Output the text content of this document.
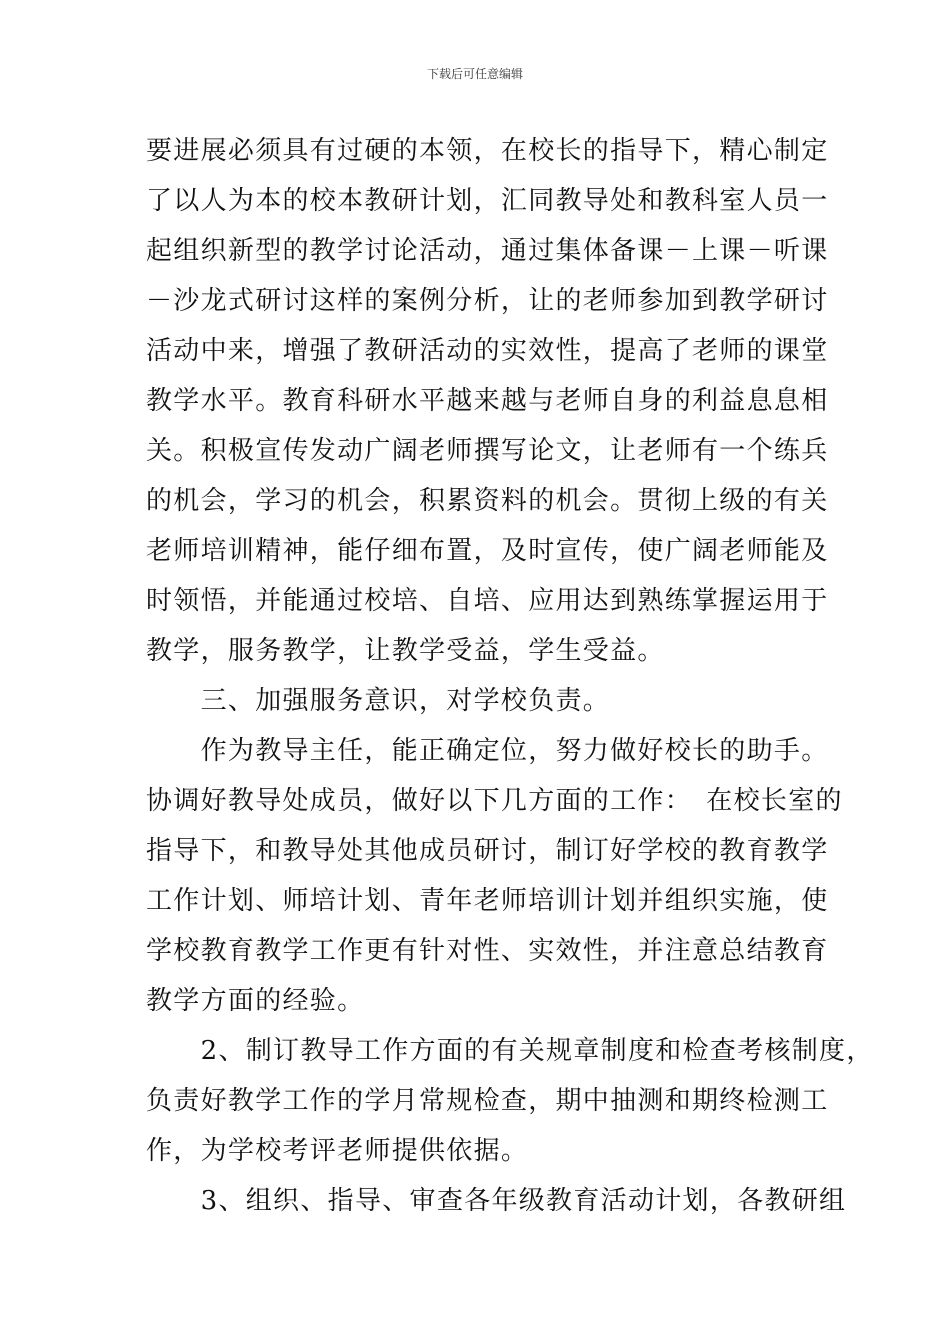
下载后可任意编辑
要进展必须具有过硬的本领，在校长的指导下，精心制定
了以人为本的校本教研计划，汇同教导处和教科室人员一
起组织新型的教学讨论活动，通过集体备课－上课－听课
－沙龙式研讨这样的案例分析，让的老师参加到教学研讨
活动中来，增强了教研活动的实效性，提高了老师的课堂
教学水平。教育科研水平越来越与老师自身的利益息息相
关。积极宣传发动广阔老师撰写论文，让老师有一个练兵
的机会，学习的机会，积累资料的机会。贯彻上级的有关
老师培训精神，能仔细布置，及时宣传，使广阔老师能及
时领悟，并能通过校培、自培、应用达到熟练掌握运用于
教学，服务教学，让教学受益，学生受益。
　　三、加强服务意识，对学校负责。
　　作为教导主任，能正确定位，努力做好校长的助手。
协调好教导处成员，做好以下几方面的工作：　在校长室的
指导下，和教导处其他成员研讨，制订好学校的教育教学
工作计划、师培计划、青年老师培训计划并组织实施，使
学校教育教学工作更有针对性、实效性，并注意总结教育
教学方面的经验。
　　2、制订教导工作方面的有关规章制度和检查考核制度，
负责好教学工作的学月常规检查，期中抽测和期终检测工
作，为学校考评老师提供依据。
　　3、组织、指导、审查各年级教育活动计划，各教研组
